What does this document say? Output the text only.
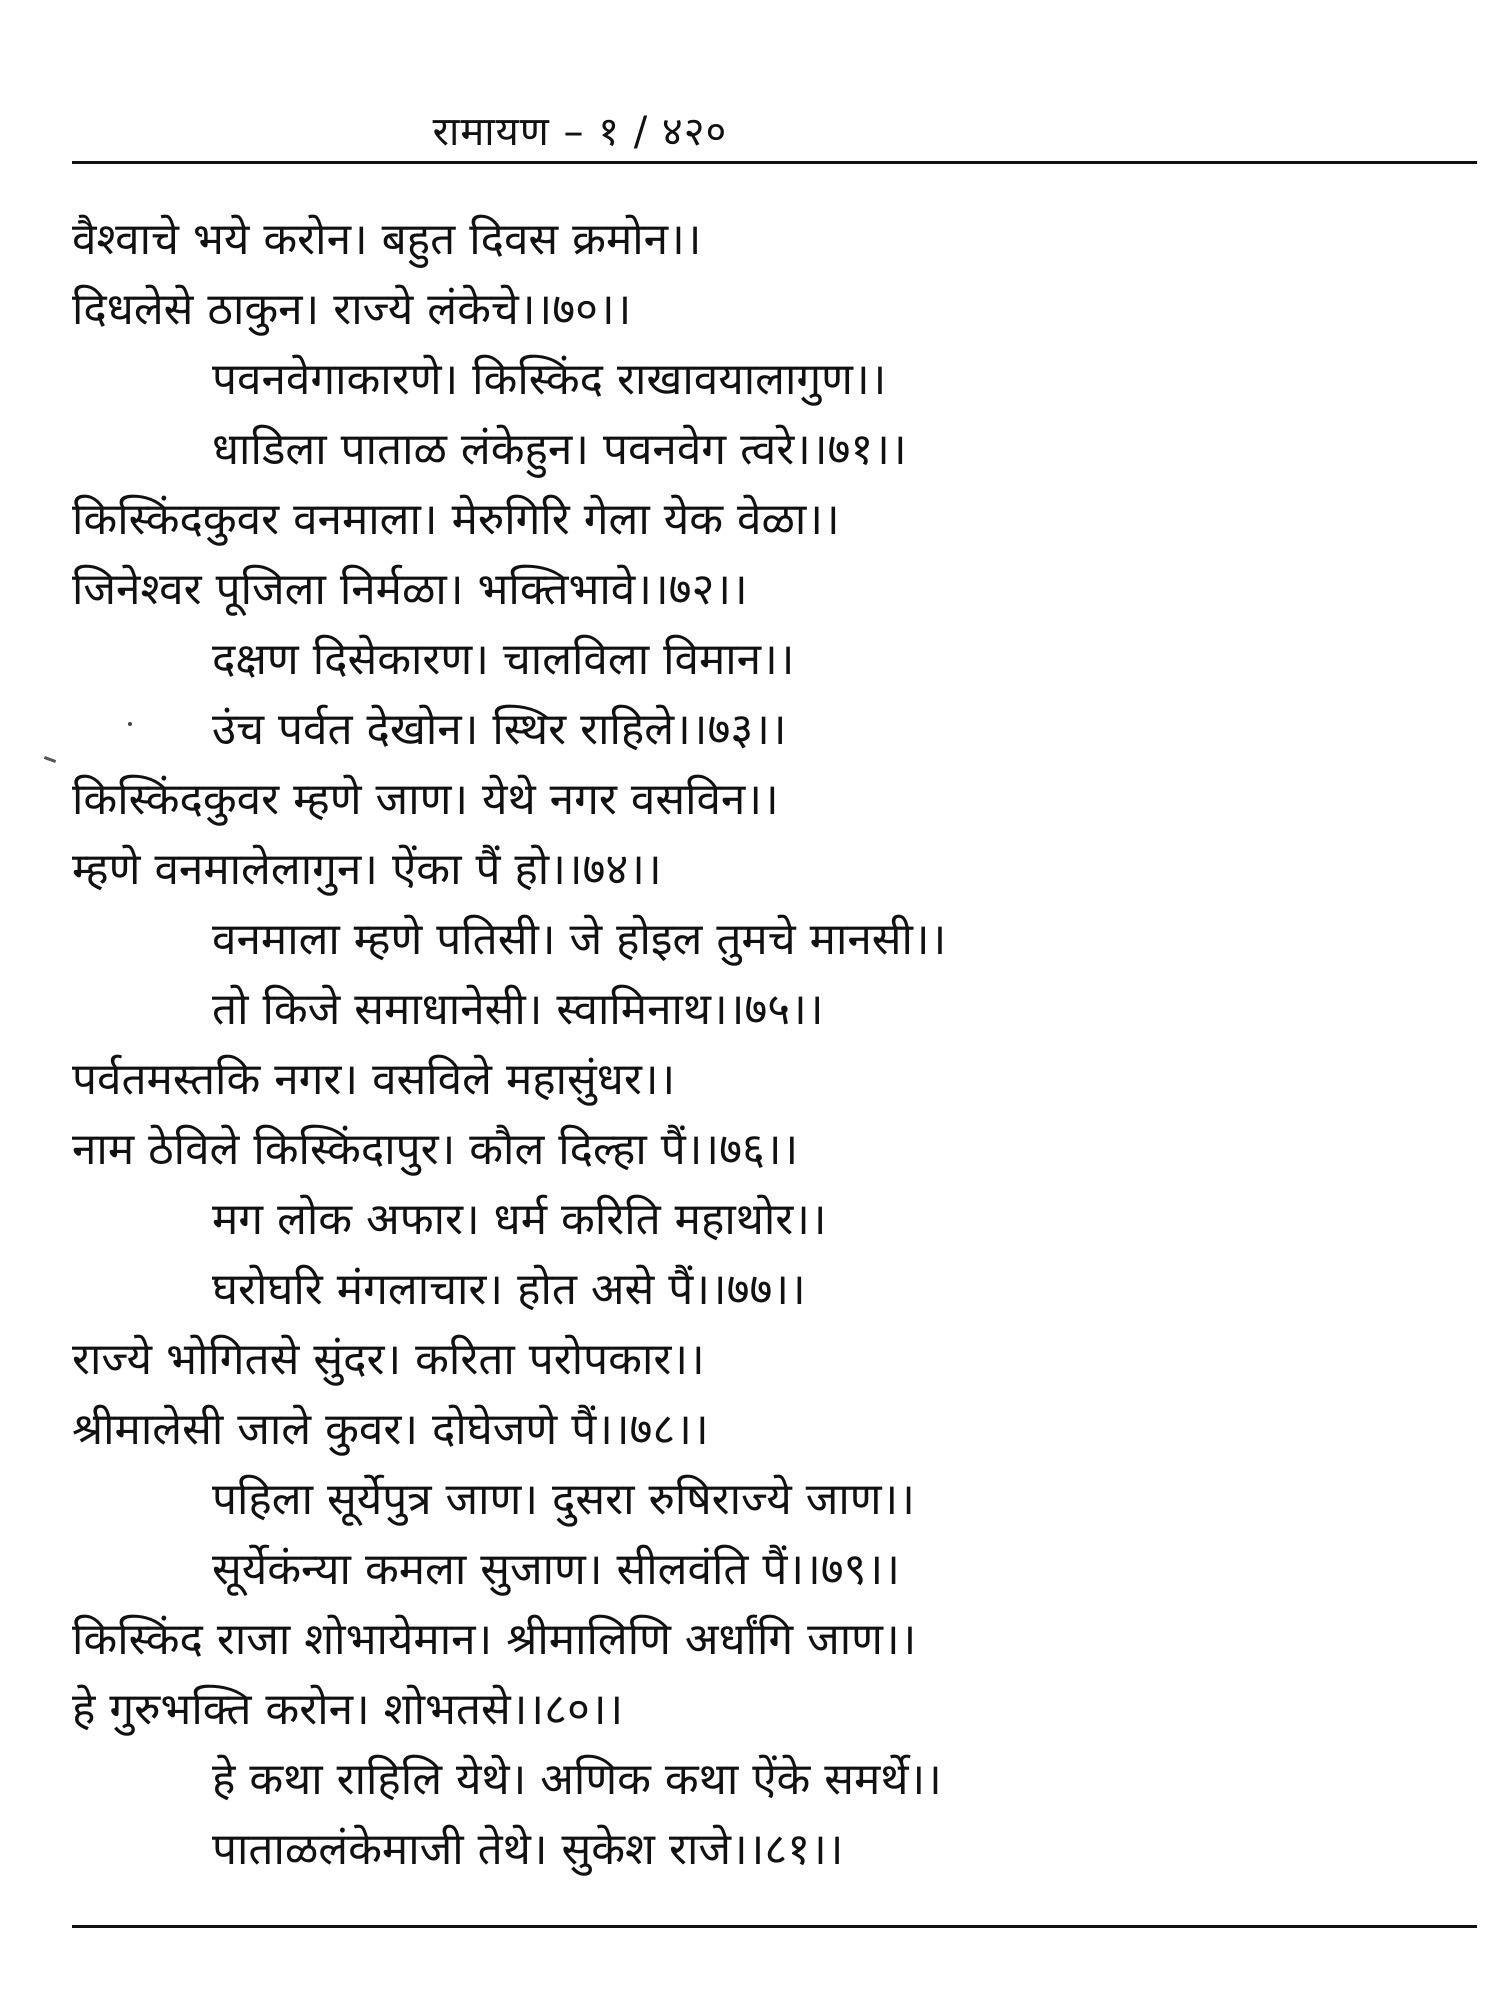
रामायण – १ / ४२०
वैश्वाचे भये करोन। बहुत दिवस क्रमोन।।
दिधलेसे ठाकुन। राज्ये लंकेचे।।७०।।
पवनवेगाकारणे। किस्किंद राखावयालागुण।।
धाडिला पाताळ लंकेहुन। पवनवेग त्वरे।।७१।।
किस्किंदकुवर वनमाला। मेरुगिरि गेला येक वेळा।।
जिनेश्वर पूजिला निर्मळा। भक्तिभावे।।७२।।
दक्षण दिसेकारण। चालविला विमान।।
उंच पर्वत देखोन। स्थिर राहिले।।७३।।
किस्किंदकुवर म्हणे जाण। येथे नगर वसविन।।
म्हणे वनमालेलागुन। ऐंका पैं हो।।७४।।
वनमाला म्हणे पतिसी। जे होइल तुमचे मानसी।।
तो किजे समाधानेसी। स्वामिनाथ।।७५।।
पर्वतमस्तकि नगर। वसविले महासुंधर।।
नाम ठेविले किस्किंदापुर। कौल दिल्हा पैं।।७६।।
मग लोक अफार। धर्म करिति महाथोर।।
घरोघरि मंगलाचार। होत असे पैं।।७७।।
राज्ये भोगितसे सुंदर। करिता परोपकार।।
श्रीमालेसी जाले कुवर। दोघेजणे पैं।।७८।।
पहिला सूर्येपुत्र जाण। दुसरा रुषिराज्ये जाण।।
सूर्येकंन्या कमला सुजाण। सीलवंति पैं।।७९।।
किस्किंद राजा शोभायेमान। श्रीमालिणि अर्धांगि जाण।।
हे गुरुभक्ति करोन। शोभतसे।।८०।।
हे कथा राहिलि येथे। अणिक कथा ऐंके समर्थे।।
पाताळलंकेमाजी तेथे। सुकेश राजे।।८१।।
